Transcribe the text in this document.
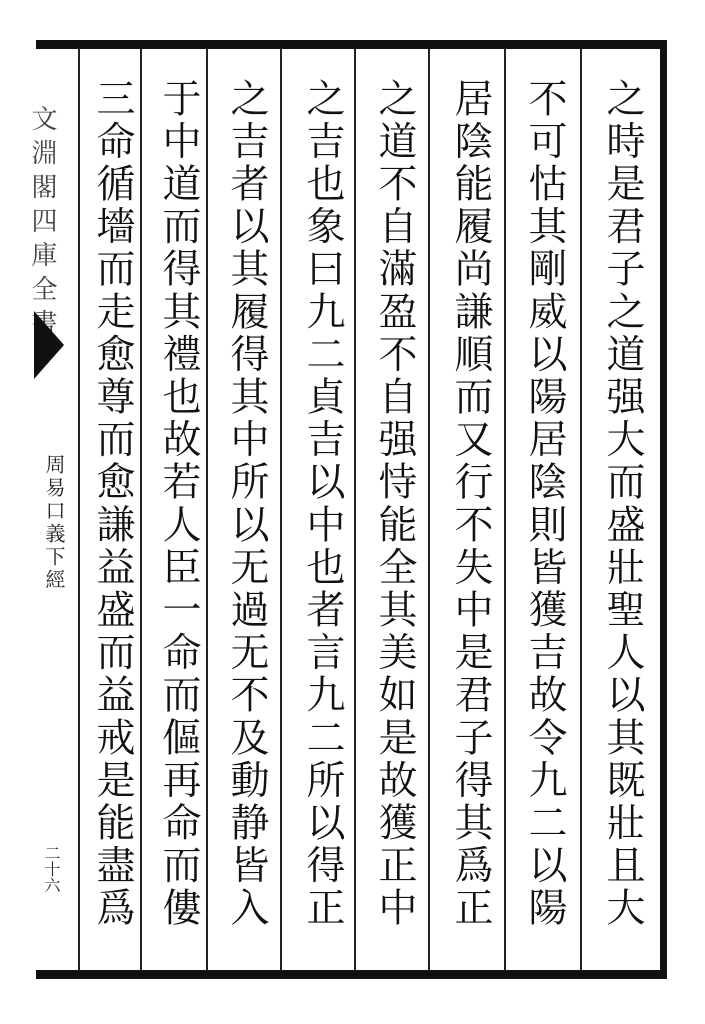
文淵閣四庫全書
周易口義下經
二十六	之時是君子之道强大而盛壯聖人以其既壯且大
不可怙其剛威以陽居陰則皆獲吉故令九二以陽
居陰能履尚謙順而又行不失中是君子得其爲正
之道不自滿盈不自强恃能全其美如是故獲正中
之吉也象曰九二貞吉以中也者言九二所以得正
之吉者以其履得其中所以无過无不及動静皆入
于中道而得其禮也故若人臣一命而傴再命而僂
三命循墻而走愈尊而愈謙益盛而益戒是能盡爲
